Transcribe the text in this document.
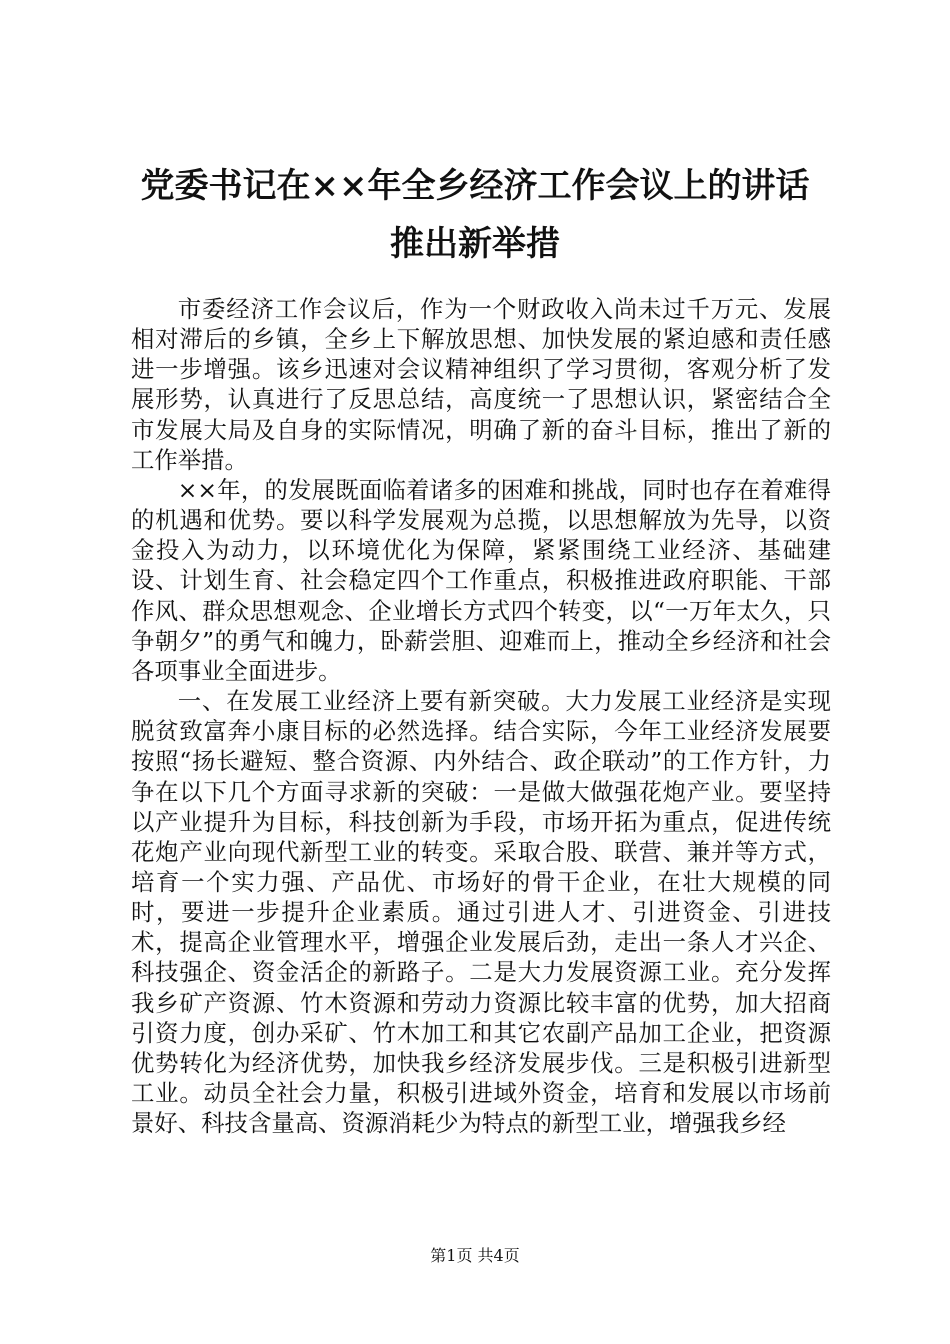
党委书记在××年全乡经济工作会议上的讲话
推出新举措

市委经济工作会议后，作为一个财政收入尚未过千万元、发展相对滞后的乡镇，全乡上下解放思想、加快发展的紧迫感和责任感进一步增强。该乡迅速对会议精神组织了学习贯彻，客观分析了发展形势，认真进行了反思总结，高度统一了思想认识，紧密结合全市发展大局及自身的实际情况，明确了新的奋斗目标，推出了新的工作举措。

××年，的发展既面临着诸多的困难和挑战，同时也存在着难得的机遇和优势。要以科学发展观为总揽，以思想解放为先导，以资金投入为动力，以环境优化为保障，紧紧围绕工业经济、基础建设、计划生育、社会稳定四个工作重点，积极推进政府职能、干部作风、群众思想观念、企业增长方式四个转变，以“一万年太久，只争朝夕”的勇气和魄力，卧薪尝胆、迎难而上，推动全乡经济和社会各项事业全面进步。

一、在发展工业经济上要有新突破。大力发展工业经济是实现脱贫致富奔小康目标的必然选择。结合实际，今年工业经济发展要按照“扬长避短、整合资源、内外结合、政企联动”的工作方针，力争在以下几个方面寻求新的突破：一是做大做强花炮产业。要坚持以产业提升为目标，科技创新为手段，市场开拓为重点，促进传统花炮产业向现代新型工业的转变。采取合股、联营、兼并等方式，培育一个实力强、产品优、市场好的骨干企业，在壮大规模的同时，要进一步提升企业素质。通过引进人才、引进资金、引进技术，提高企业管理水平，增强企业发展后劲，走出一条人才兴企、科技强企、资金活企的新路子。二是大力发展资源工业。充分发挥我乡矿产资源、竹木资源和劳动力资源比较丰富的优势，加大招商引资力度，创办采矿、竹木加工和其它农副产品加工企业，把资源优势转化为经济优势，加快我乡经济发展步伐。三是积极引进新型工业。动员全社会力量，积极引进域外资金，培育和发展以市场前景好、科技含量高、资源消耗少为特点的新型工业，增强我乡经

第1页 共4页
